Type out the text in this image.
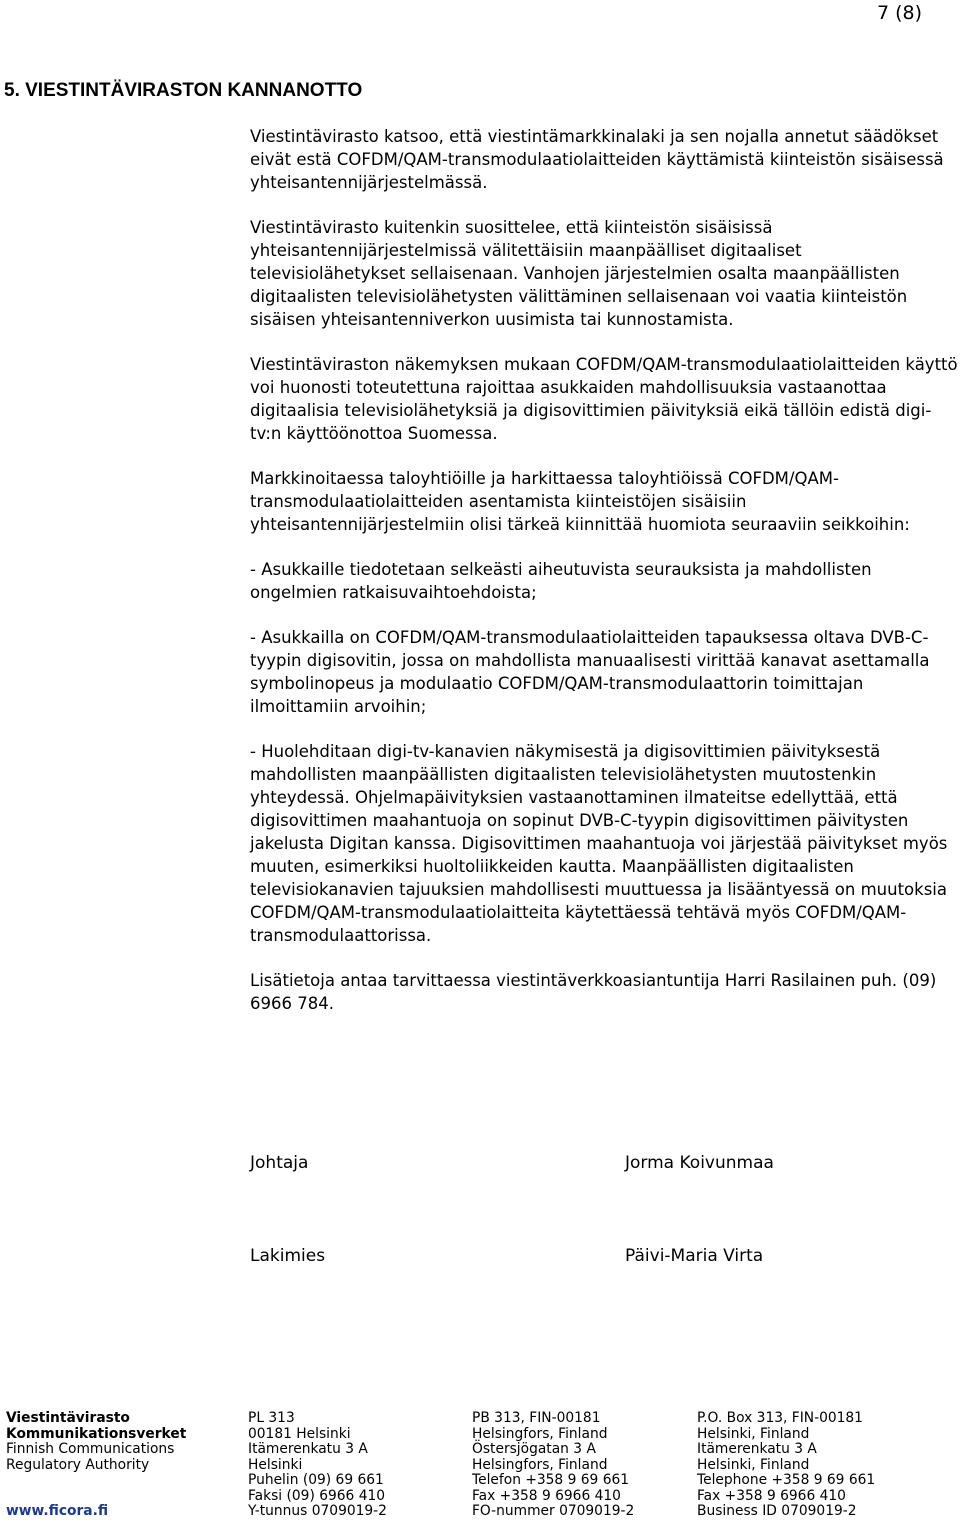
7 (8)
5. VIESTINTÄVIRASTON KANNANOTTO

Viestintävirasto katsoo, että viestintämarkkinalaki ja sen nojalla annetut säädökset eivät estä COFDM/QAM-transmodulaatiolaitteiden käyttämistä kiinteistön sisäisessä yhteisantennijärjestelmässä.

Viestintävirasto kuitenkin suosittelee, että kiinteistön sisäisissä yhteisantennijärjestelmissä välitettäisiin maanpäälliset digitaaliset televisiolähetykset sellaisenaan. Vanhojen järjestelmien osalta maanpäällisten digitaalisten televisiolähetysten välittäminen sellaisenaan voi vaatia kiinteistön sisäisen yhteisantenniverkon uusimista tai kunnostamista.

Viestintäviraston näkemyksen mukaan COFDM/QAM-transmodulaatiolaitteiden käyttö voi huonosti toteutettuna rajoittaa asukkaiden mahdollisuuksia vastaanottaa digitaalisia televisiolähetyksiä ja digisovittimien päivityksiä eikä tällöin edistä digi-tv:n käyttöönottoa Suomessa.

Markkinoitaessa taloyhtiöille ja harkittaessa taloyhtiöissä COFDM/QAM-transmodulaatiolaitteiden asentamista kiinteistöjen sisäisiin yhteisantennijärjestelmiin olisi tärkeä kiinnittää huomiota seuraaviin seikkoihin:

- Asukkaille tiedotetaan selkeästi aiheutuvista seurauksista ja mahdollisten ongelmien ratkaisuvaihtoehdoista;

- Asukkailla on COFDM/QAM-transmodulaatiolaitteiden tapauksessa oltava DVB-C-tyypin digisovitin, jossa on mahdollista manuaalisesti virittää kanavat asettamalla symbolinopeus ja modulaatio COFDM/QAM-transmodulaattorin toimittajan ilmoittamiin arvoihin;

- Huolehditaan digi-tv-kanavien näkymisestä ja digisovittimien päivityksestä mahdollisten maanpäällisten digitaalisten televisiolähetysten muutostenkin yhteydessä. Ohjelmapäivityksien vastaanottaminen ilmateitse edellyttää, että digisovittimen maahantuoja on sopinut DVB-C-tyypin digisovittimen päivitysten jakelusta Digitan kanssa. Digisovittimen maahantuoja voi järjestää päivitykset myös muuten, esimerkiksi huoltoliikkeiden kautta. Maanpäällisten digitaalisten televisiokanavien tajuuksien mahdollisesti muuttuessa ja lisääntyessä on muutoksia COFDM/QAM-transmodulaatiolaitteita käytettäessä tehtävä myös COFDM/QAM-transmodulaattorissa.

Lisätietoja antaa tarvittaessa viestintäverkkoasiantuntija Harri Rasilainen puh. (09) 6966 784.

Johtaja	Jorma Koivunmaa
Lakimies	Päivi-Maria Virta
Viestintävirasto
Kommunikationsverket
Finnish Communications
Regulatory Authority

www.ficora.fi
PL 313
00181 Helsinki
Itämerenkatu 3 A
Helsinki
Puhelin (09) 69 661
Faksi (09) 6966 410
Y-tunnus 0709019-2
PB 313, FIN-00181
Helsingfors, Finland
Östersjögatan 3 A
Helsingfors, Finland
Telefon +358 9 69 661
Fax +358 9 6966 410
FO-nummer 0709019-2
P.O. Box 313, FIN-00181
Helsinki, Finland
Itämerenkatu 3 A
Helsinki, Finland
Telephone +358 9 69 661
Fax +358 9 6966 410
Business ID 0709019-2
